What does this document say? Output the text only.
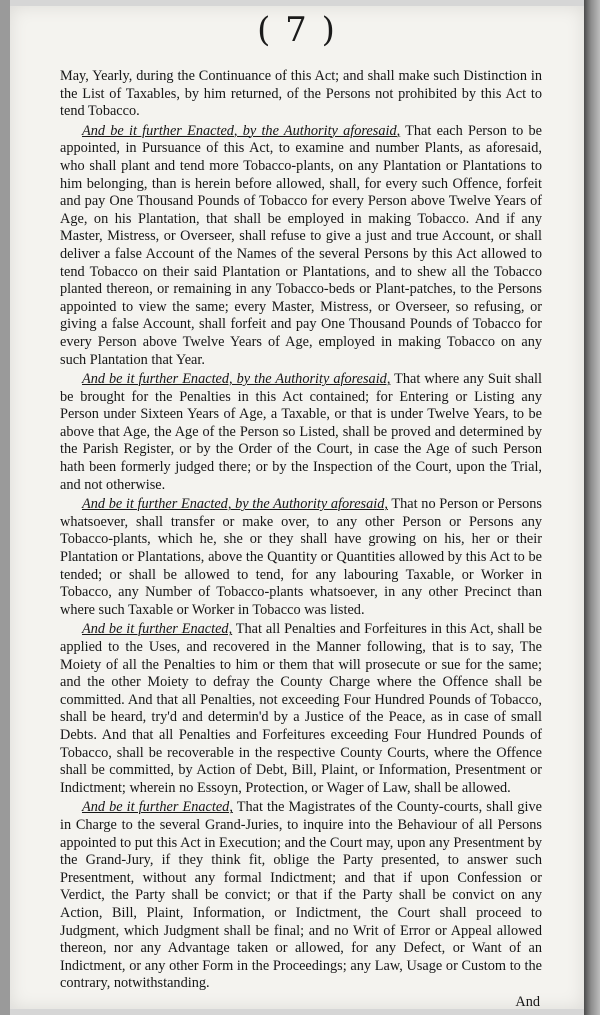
( 7 )

May, Yearly, during the Continuance of this Act; and shall make such Distinction in the List of Taxables, by him returned, of the Persons not prohibited by this Act to tend Tobacco.

And be it further Enacted, by the Authority aforesaid, That each Person to be appointed, in Pursuance of this Act, to examine and number Plants, as aforesaid, who shall plant and tend more Tobacco-plants, on any Plantation or Plantations to him belonging, than is herein before allowed, shall, for every such Offence, forfeit and pay One Thousand Pounds of Tobacco for every Person above Twelve Years of Age, on his Plantation, that shall be employed in making Tobacco. And if any Master, Mistress, or Overseer, shall refuse to give a just and true Account, or shall deliver a false Account of the Names of the several Persons by this Act allowed to tend Tobacco on their said Plantation or Plantations, and to shew all the Tobacco planted thereon, or remaining in any Tobacco-beds or Plant-patches, to the Persons appointed to view the same; every Master, Mistress, or Overseer, so refusing, or giving a false Account, shall forfeit and pay One Thousand Pounds of Tobacco for every Person above Twelve Years of Age, employed in making Tobacco on any such Plantation that Year.

And be it further Enacted, by the Authority aforesaid, That where any Suit shall be brought for the Penalties in this Act contained; for Entering or Listing any Person under Sixteen Years of Age, a Taxable, or that is under Twelve Years, to be above that Age, the Age of the Person so Listed, shall be proved and determined by the Parish Register, or by the Order of the Court, in case the Age of such Person hath been formerly judged there; or by the Inspection of the Court, upon the Trial, and not otherwise.

And be it further Enacted, by the Authority aforesaid, That no Person or Persons whatsoever, shall transfer or make over, to any other Person or Persons any Tobacco-plants, which he, she or they shall have growing on his, her or their Plantation or Plantations, above the Quantity or Quantities allowed by this Act to be tended; or shall be allowed to tend, for any labouring Taxable, or Worker in Tobacco, any Number of Tobacco-plants whatsoever, in any other Precinct than where such Taxable or Worker in Tobacco was listed.

And be it further Enacted, That all Penalties and Forfeitures in this Act, shall be applied to the Uses, and recovered in the Manner following, that is to say, The Moiety of all the Penalties to him or them that will prosecute or sue for the same; and the other Moiety to defray the County Charge where the Offence shall be committed. And that all Penalties, not exceeding Four Hundred Pounds of Tobacco, shall be heard, try'd and determin'd by a Justice of the Peace, as in case of small Debts. And that all Penalties and Forfeitures exceeding Four Hundred Pounds of Tobacco, shall be recoverable in the respective County Courts, where the Offence shall be committed, by Action of Debt, Bill, Plaint, or Information, Presentment or Indictment; wherein no Essoyn, Protection, or Wager of Law, shall be allowed.

And be it further Enacted, That the Magistrates of the County-courts, shall give in Charge to the several Grand-Juries, to inquire into the Behaviour of all Persons appointed to put this Act in Execution; and the Court may, upon any Presentment by the Grand-Jury, if they think fit, oblige the Party presented, to answer such Presentment, without any formal Indictment; and that if upon Confession or Verdict, the Party shall be convict; or that if the Party shall be convict on any Action, Bill, Plaint, Information, or Indictment, the Court shall proceed to Judgment, which Judgment shall be final; and no Writ of Error or Appeal allowed thereon, nor any Advantage taken or allowed, for any Defect, or Want of an Indictment, or any other Form in the Proceedings; any Law, Usage or Custom to the contrary, notwithstanding.

And
